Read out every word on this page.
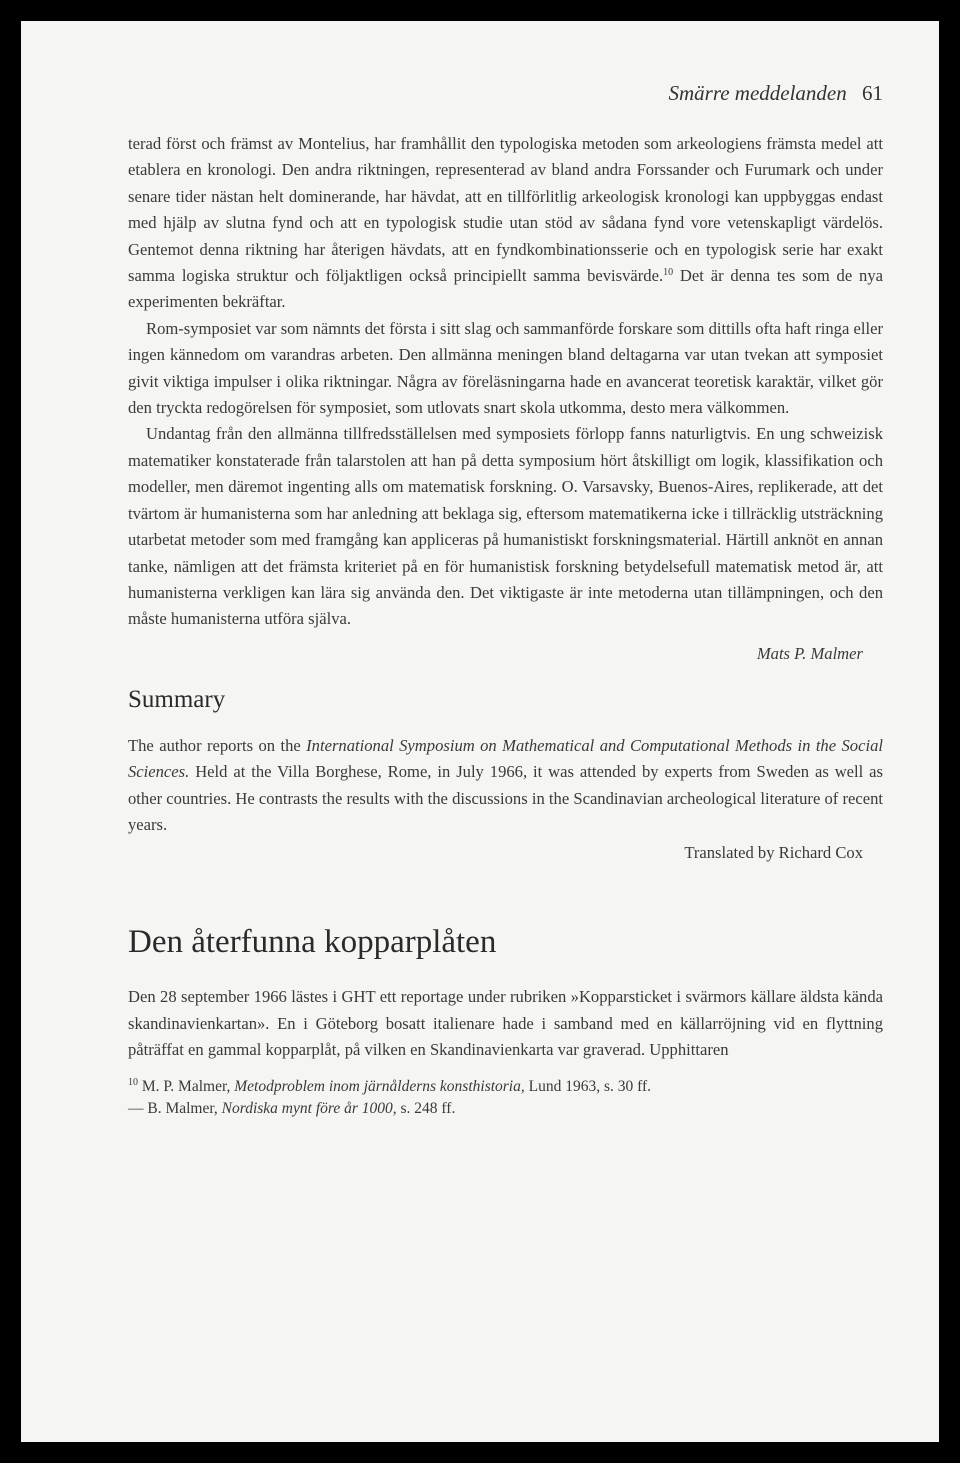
Smärre meddelanden 61

terad först och främst av Montelius, har framhållit den typologiska metoden som arkeologiens främsta medel att etablera en kronologi. Den andra riktningen, representerad av bland andra Forssander och Furumark och under senare tider nästan helt dominerande, har hävdat, att en tillförlitlig arkeologisk kronologi kan uppbyggas endast med hjälp av slutna fynd och att en typologisk studie utan stöd av sådana fynd vore vetenskapligt värdelös. Gentemot denna riktning har återigen hävdats, att en fyndkombinationsserie och en typologisk serie har exakt samma logiska struktur och följaktligen också principiellt samma bevisvärde.$^{10}$ Det är denna tes som de nya experimenten bekräftar.

Rom-symposiet var som nämnts det första i sitt slag och sammanförde forskare som dittills ofta haft ringa eller ingen kännedom om varandras arbeten. Den allmänna meningen bland deltagarna var utan tvekan att symposiet givit viktiga impulser i olika riktningar. Några av föreläsningarna hade en avancerat teoretisk karaktär, vilket gör den tryckta redogörelsen för symposiet, som utlovats snart skola utkomma, desto mera välkommen.

Undantag från den allmänna tillfredsställelsen med symposiets förlopp fanns naturligtvis. En ung schweizisk matematiker konstaterade från talarstolen att han på detta symposium hört åtskilligt om logik, klassifikation och modeller, men däremot ingenting alls om matematisk forskning. O. Varsavsky, Buenos-Aires, replikerade, att det tvärtom är humanisterna som har anledning att beklaga sig, eftersom matematikerna icke i tillräcklig utsträckning utarbetat metoder som med framgång kan appliceras på humanistiskt forskningsmaterial. Härtill anknöt en annan tanke, nämligen att det främsta kriteriet på en för humanistisk forskning betydelsefull matematisk metod är, att humanisterna verkligen kan lära sig använda den. Det viktigaste är inte metoderna utan tillämpningen, och den måste humanisterna utföra själva.

Mats P. Malmer
Summary

The author reports on the International Symposium on Mathematical and Computational Methods in the Social Sciences. Held at the Villa Borghese, Rome, in July 1966, it was attended by experts from Sweden as well as other countries. He contrasts the results with the discussions in the Scandinavian archeological literature of recent years.

Translated by Richard Cox
Den återfunna kopparplåten

Den 28 september 1966 lästes i GHT ett reportage under rubriken »Kopparsticket i svärmors källare äldsta kända skandinavienkartan». En i Göteborg bosatt italienare hade i samband med en källarröjning vid en flyttning påträffat en gammal kopparplåt, på vilken en Skandinavienkarta var graverad. Upphittaren

$^{10}$ M. P. Malmer, Metodproblem inom järnålderns konsthistoria, Lund 1963, s. 30 ff.

— B. Malmer, Nordiska mynt före år 1000, s. 248 ff.
